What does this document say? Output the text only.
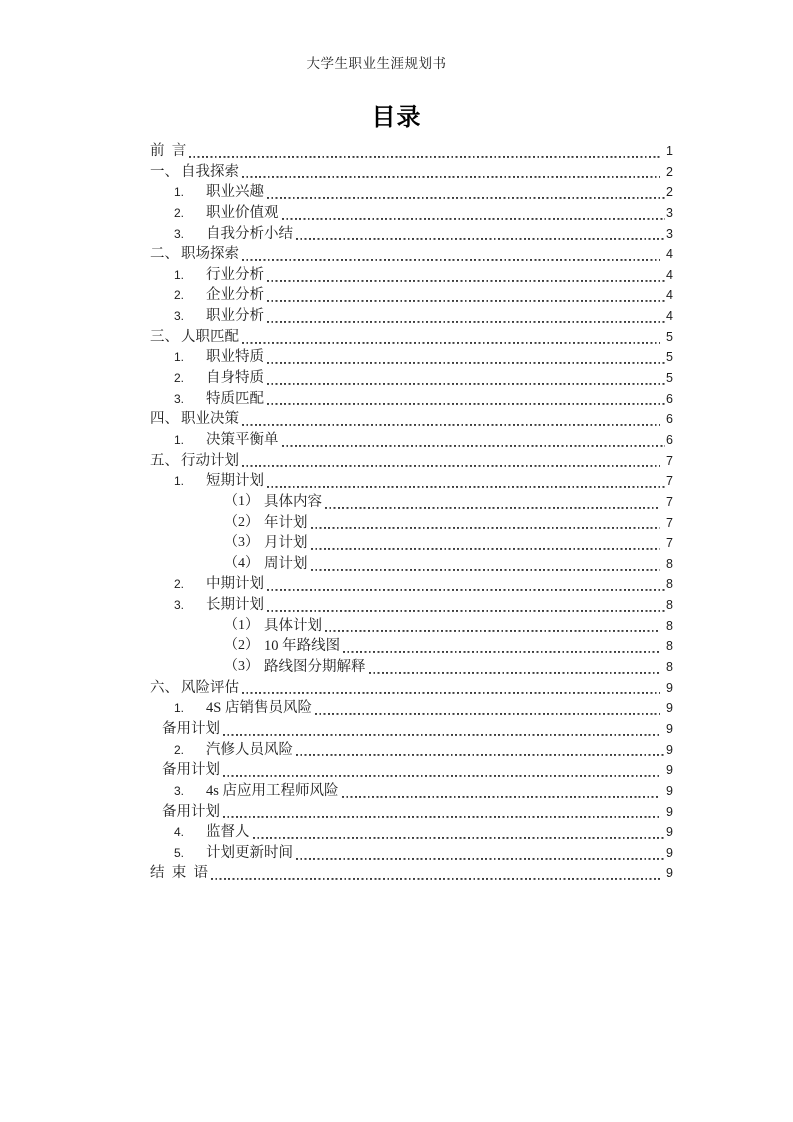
大学生职业生涯规划书
目录
前  言	1
一、 自我探索	2
1.	职业兴趣	2
2.	职业价值观	3
3.	自我分析小结	3
二、 职场探索	4
1.	行业分析	4
2.	企业分析	4
3.	职业分析	4
三、 人职匹配	5
1.	职业特质	5
2.	自身特质	5
3.	特质匹配	6
四、 职业决策	6
1.	决策平衡单	6
五、 行动计划	7
1.	短期计划	7
（1） 具体内容	7
（2） 年计划	7
（3） 月计划	7
（4） 周计划	8
2.	中期计划	8
3.	长期计划	8
（1） 具体计划	8
（2） 10 年路线图	8
（3） 路线图分期解释	8
六、 风险评估	9
1.	4S 店销售员风险	9
备用计划	9
2.	汽修人员风险	9
备用计划	9
3.	4s 店应用工程师风险	9
备用计划	9
4.	监督人	9
5.	计划更新时间	9
结  束  语	9
